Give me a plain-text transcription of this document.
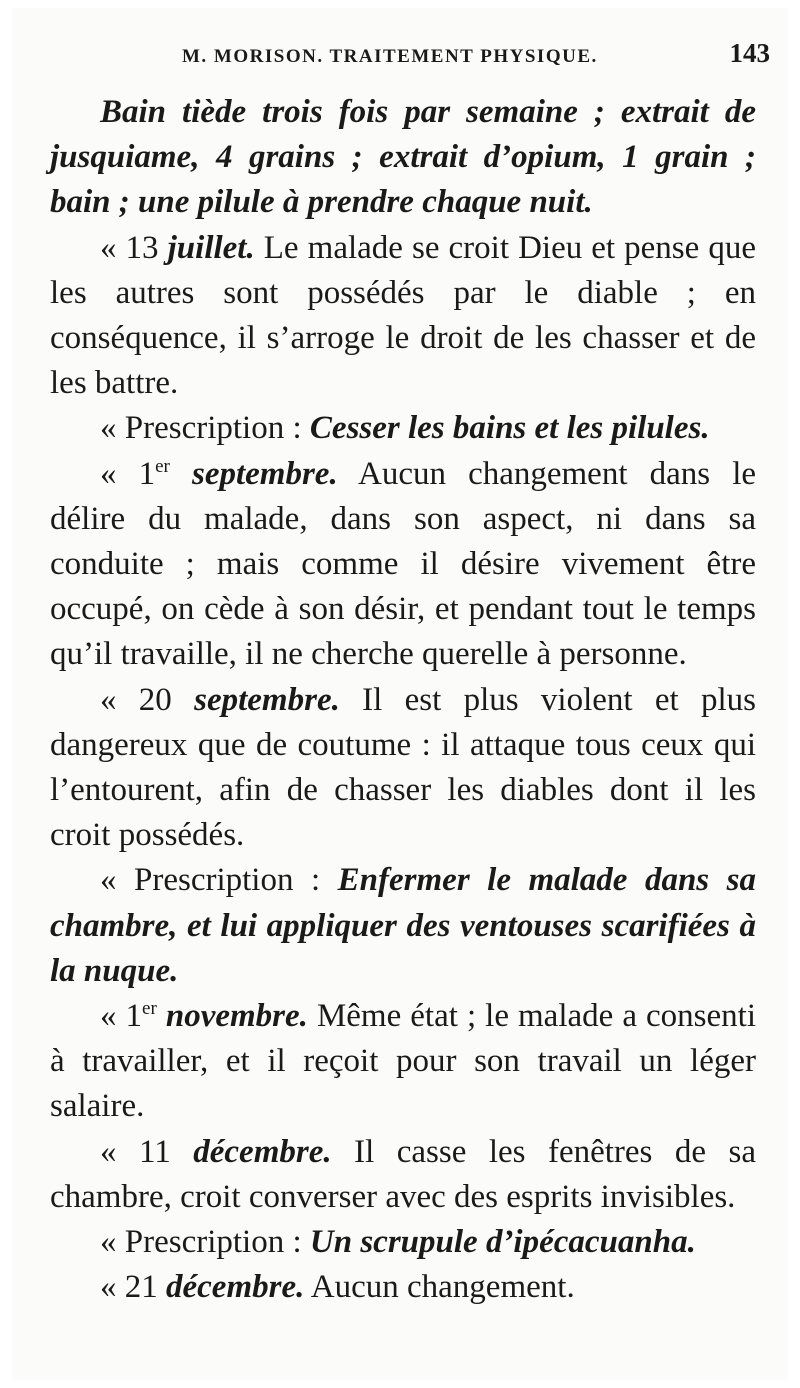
M. MORISON. TRAITEMENT PHYSIQUE.	143

Bain tiède trois fois par semaine ; extrait de jusquiame, 4 grains ; extrait d’opium, 1 grain ; bain ; une pilule à prendre chaque nuit.

« 13 juillet. Le malade se croit Dieu et pense que les autres sont possédés par le diable ; en conséquence, il s’arroge le droit de les chasser et de les battre.

« Prescription : Cesser les bains et les pilules.

« 1er septembre. Aucun changement dans le délire du malade, dans son aspect, ni dans sa conduite ; mais comme il désire vivement être occupé, on cède à son désir, et pendant tout le temps qu’il travaille, il ne cherche querelle à personne.

« 20 septembre. Il est plus violent et plus dangereux que de coutume : il attaque tous ceux qui l’entourent, afin de chasser les diables dont il les croit possédés.

« Prescription : Enfermer le malade dans sa chambre, et lui appliquer des ventouses scarifiées à la nuque.

« 1er novembre. Même état ; le malade a consenti à travailler, et il reçoit pour son travail un léger salaire.

« 11 décembre. Il casse les fenêtres de sa chambre, croit converser avec des esprits invisibles.

« Prescription : Un scrupule d’ipécacuanha.

« 21 décembre. Aucun changement.
